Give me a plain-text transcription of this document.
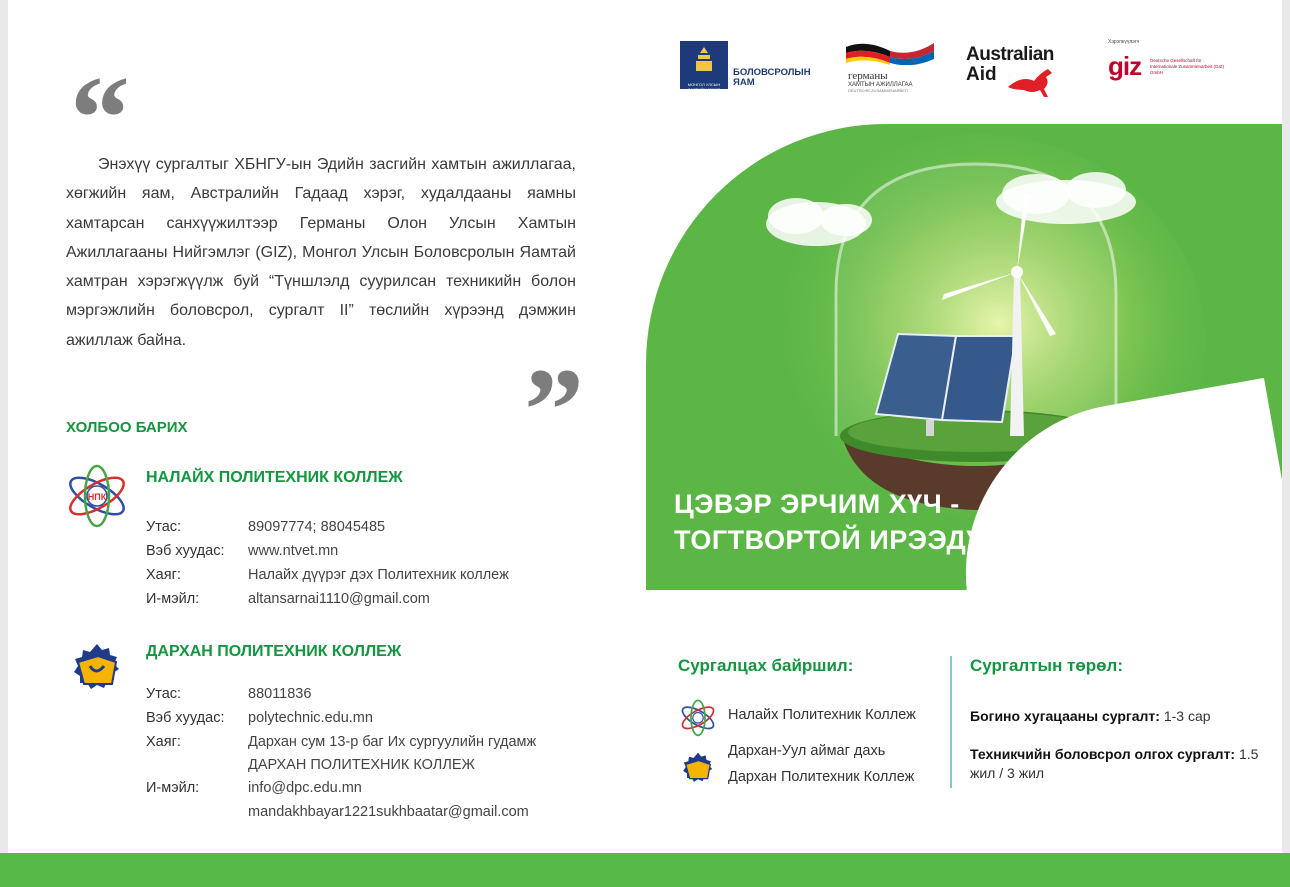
“

Энэхүү сургалтыг ХБНГУ-ын Эдийн засгийн хамтын ажиллагаа, хөгжийн яам, Австралийн Гадаад хэрэг, худалдааны яамны хамтарсан санхүүжилтээр Германы Олон Улсын Хамтын Ажиллагааны Нийгэмлэг (GIZ), Монгол Улсын Боловсролын Яамтай хамтран хэрэгжүүлж буй “Түншлэлд суурилсан техникийн болон мэргэжлийн боловсрол, сургалт II” төслийн хүрээнд дэмжин ажиллаж байна.

”
ХОЛБОО БАРИХ
НПК
НАЛАЙХ ПОЛИТЕХНИК КОЛЛЕЖ
Утас:	89097774; 88045485
Вэб хуудас: www.ntvet.mn
Хаяг:	Налайх дүүрэг дэх Политехник коллеж
И-мэйл:	altansarnai1110@gmail.com
ДАРХАН ПОЛИТЕХНИК КОЛЛЕЖ
Утас:	88011836
Вэб хуудас: polytechnic.edu.mn
Хаяг:	Дархан сум 13-р баг Их сургуулийн гудамж
ДАРХАН ПОЛИТЕХНИК КОЛЛЕЖ
И-мэйл:	info@dpc.edu.mn
mandakhbayar1221sukhbaatar@gmail.com
МОНГОЛ УЛСЫН ЗАСГИЙН ГАЗАР
БОЛОВСРОЛЫН ЯАМ
германы
ХАМТЫН АЖИЛЛАГАА
DEUTSCHE ZUSAMMENARBEIT
Australian
Aid
Хэрэгжүүлэгч
giz Deutsche Gesellschaft für Internationale Zusammenarbeit (GIZ) GmbH
ЦЭВЭР ЭРЧИМ ХҮЧ -
ТОГТВОРТОЙ ИРЭЭДҮЙН ТӨЛӨӨ!
Сургалцах байршил:
Налайх Политехник Коллеж
Дархан-Уул аймаг дахь
Дархан Политехник Коллеж
Сургалтын төрөл:
Богино хугацааны сургалт: 1-3 сар
Техникчийн боловсрол олгох сургалт: 1.5 жил / 3 жил
